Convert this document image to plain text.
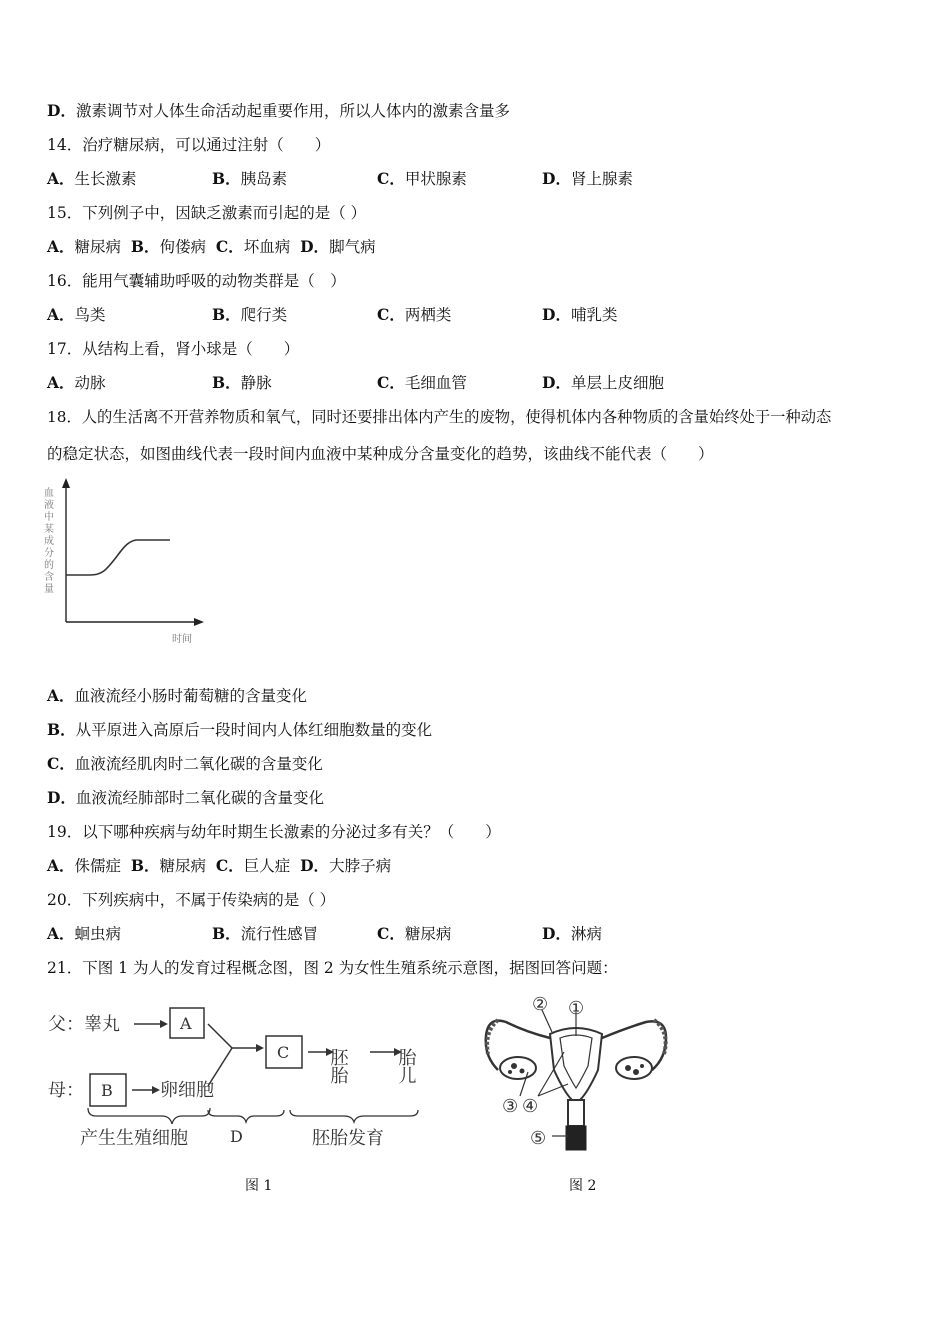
D．激素调节对人体生命活动起重要作用，所以人体内的激素含量多
14．治疗糖尿病，可以通过注射（　　）
A．生长激素	B．胰岛素	C．甲状腺素	D．肾上腺素
15．下列例子中，因缺乏激素而引起的是（ ）
A．糖尿病 B．佝偻病 C．坏血病 D．脚气病
16．能用气囊辅助呼吸的动物类群是（　）
A．鸟类	B．爬行类	C．两栖类	D．哺乳类
17．从结构上看，肾小球是（　　）
A．动脉	B．静脉	C．毛细血管	D．单层上皮细胞
18．人的生活离不开营养物质和氧气，同时还要排出体内产生的废物，使得机体内各种物质的含量始终处于一种动态
的稳定状态，如图曲线代表一段时间内血液中某种成分含量变化的趋势，该曲线不能代表（　　）
血液中某成分的含量
时间
A．血液流经小肠时葡萄糖的含量变化
B．从平原进入高原后一段时间内人体红细胞数量的变化
C．血液流经肌肉时二氧化碳的含量变化
D．血液流经肺部时二氧化碳的含量变化
19．以下哪种疾病与幼年时期生长激素的分泌过多有关？（　　）
A．侏儒症 B．糖尿病 C．巨人症 D．大脖子病
20．下列疾病中，不属于传染病的是（ ）
A．蛔虫病	B．流行性感冒	C．糖尿病	D．淋病
21．下图 1 为人的发育过程概念图，图 2 为女性生殖系统示意图，据图回答问题：
父：睾丸	A
母： B	卵细胞
C 胚胎	胎儿
产生生殖细胞	D	胚胎发育
图 1
② ①
③ ④
⑤
图 2
